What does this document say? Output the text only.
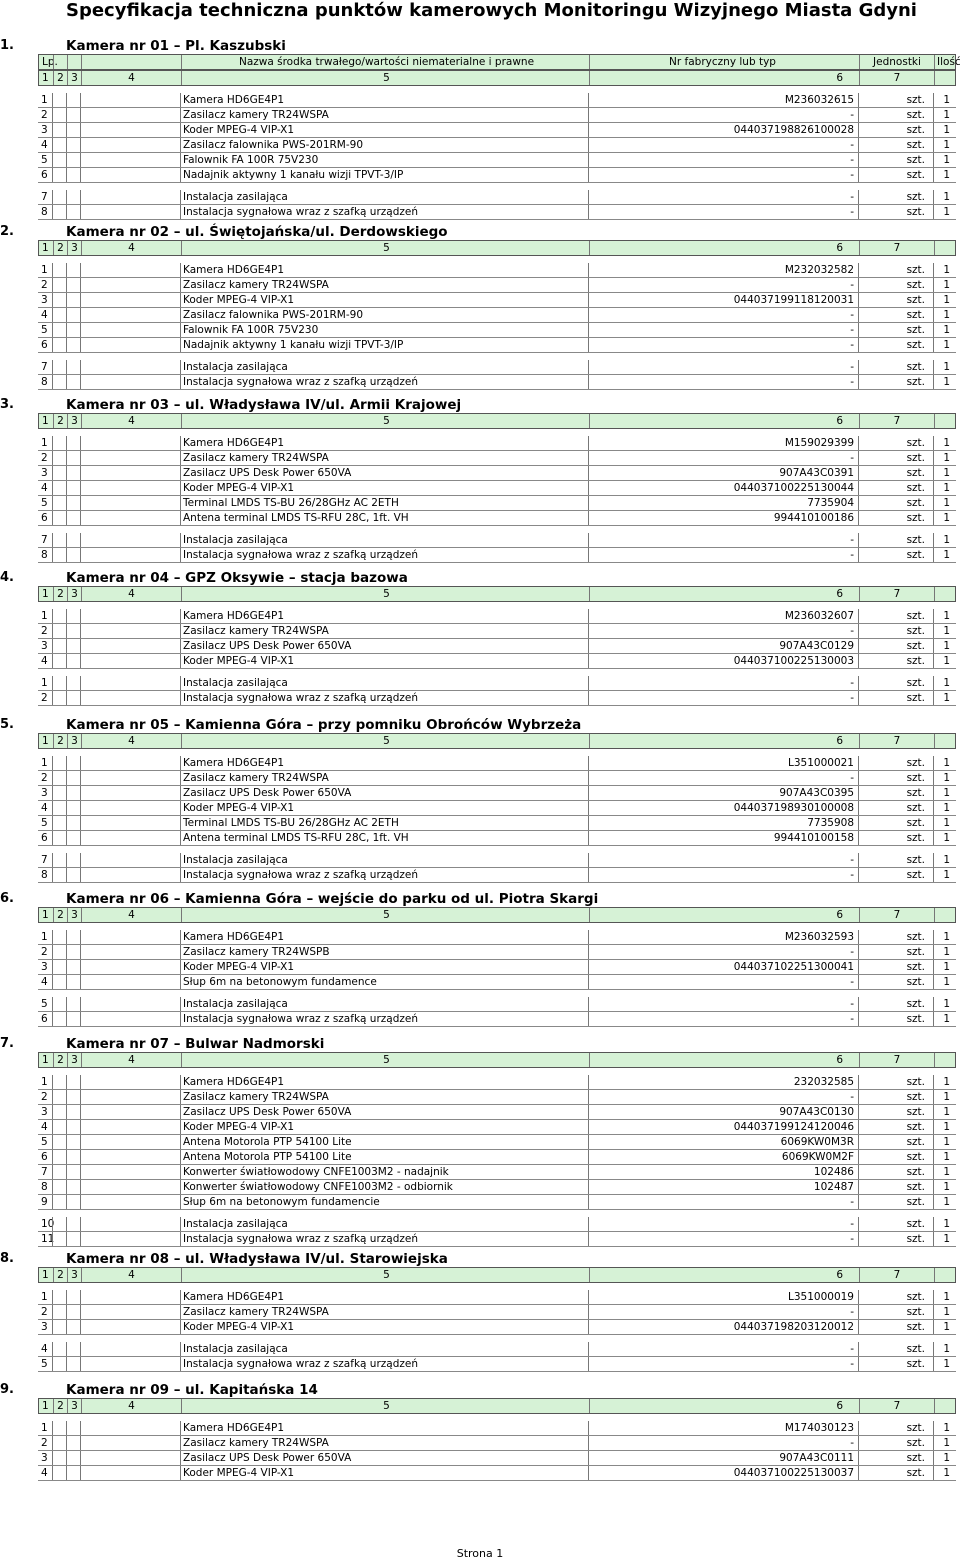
Specyfikacja techniczna punktów kamerowych Monitoringu Wizyjnego Miasta Gdyni
1.	Kamera nr 01 – Pl. Kaszubski
Lp.	Nazwa środka trwałego/wartości niematerialne i prawne	Nr fabryczny lub typ	Jednostki	Ilość
1 2 3	4	5	6	7
1	Kamera HD6GE4P1	M236032615	szt.	1
2	Zasilacz kamery TR24WSPA	-	szt.	1
3	Koder MPEG-4 VIP-X1	044037198826100028	szt.	1
4	Zasilacz falownika PWS-201RM-90	-	szt.	1
5	Falownik FA 100R 75V230	-	szt.	1
6	Nadajnik aktywny 1 kanału wizji TPVT-3/IP	-	szt.	1
7	Instalacja zasilająca	-	szt.	1
8	Instalacja sygnałowa wraz z szafką urządzeń	-	szt.	1
2.	Kamera nr 02 – ul. Świętojańska/ul. Derdowskiego
1 2 3	4	5	6	7
1	Kamera HD6GE4P1	M232032582	szt.	1
2	Zasilacz kamery TR24WSPA	-	szt.	1
3	Koder MPEG-4 VIP-X1	044037199118120031	szt.	1
4	Zasilacz falownika PWS-201RM-90	-	szt.	1
5	Falownik FA 100R 75V230	-	szt.	1
6	Nadajnik aktywny 1 kanału wizji TPVT-3/IP	-	szt.	1
7	Instalacja zasilająca	-	szt.	1
8	Instalacja sygnałowa wraz z szafką urządzeń	-	szt.	1
3.	Kamera nr 03 – ul. Władysława IV/ul. Armii Krajowej
1 2 3	4	5	6	7
1	Kamera HD6GE4P1	M159029399	szt.	1
2	Zasilacz kamery TR24WSPA	-	szt.	1
3	Zasilacz UPS Desk Power 650VA	907A43C0391	szt.	1
4	Koder MPEG-4 VIP-X1	044037100225130044	szt.	1
5	Terminal LMDS TS-BU 26/28GHz AC 2ETH	7735904	szt.	1
6	Antena terminal LMDS TS-RFU 28C, 1ft. VH	994410100186	szt.	1
7	Instalacja zasilająca	-	szt.	1
8	Instalacja sygnałowa wraz z szafką urządzeń	-	szt.	1
4.	Kamera nr 04 – GPZ Oksywie – stacja bazowa
1 2 3	4	5	6	7
1	Kamera HD6GE4P1	M236032607	szt.	1
2	Zasilacz kamery TR24WSPA	-	szt.	1
3	Zasilacz UPS Desk Power 650VA	907A43C0129	szt.	1
4	Koder MPEG-4 VIP-X1	044037100225130003	szt.	1
1	Instalacja zasilająca	-	szt.	1
2	Instalacja sygnałowa wraz z szafką urządzeń	-	szt.	1
5.	Kamera nr 05 – Kamienna Góra – przy pomniku Obrońców Wybrzeża
1 2 3	4	5	6	7
1	Kamera HD6GE4P1	L351000021	szt.	1
2	Zasilacz kamery TR24WSPA	-	szt.	1
3	Zasilacz UPS Desk Power 650VA	907A43C0395	szt.	1
4	Koder MPEG-4 VIP-X1	044037198930100008	szt.	1
5	Terminal LMDS TS-BU 26/28GHz AC 2ETH	7735908	szt.	1
6	Antena terminal LMDS TS-RFU 28C, 1ft. VH	994410100158	szt.	1
7	Instalacja zasilająca	-	szt.	1
8	Instalacja sygnałowa wraz z szafką urządzeń	-	szt.	1
6.	Kamera nr 06 – Kamienna Góra – wejście do parku od ul. Piotra Skargi
1 2 3	4	5	6	7
1	Kamera HD6GE4P1	M236032593	szt.	1
2	Zasilacz kamery TR24WSPB	-	szt.	1
3	Koder MPEG-4 VIP-X1	044037102251300041	szt.	1
4	Słup 6m na betonowym fundamence	-	szt.	1
5	Instalacja zasilająca	-	szt.	1
6	Instalacja sygnałowa wraz z szafką urządzeń	-	szt.	1
7.	Kamera nr 07 – Bulwar Nadmorski
1 2 3	4	5	6	7
1	Kamera HD6GE4P1	232032585	szt.	1
2	Zasilacz kamery TR24WSPA	-	szt.	1
3	Zasilacz UPS Desk Power 650VA	907A43C0130	szt.	1
4	Koder MPEG-4 VIP-X1	044037199124120046	szt.	1
5	Antena Motorola PTP 54100 Lite	6069KW0M3R	szt.	1
6	Antena Motorola PTP 54100 Lite	6069KW0M2F	szt.	1
7	Konwerter światłowodowy CNFE1003M2 - nadajnik	102486	szt.	1
8	Konwerter światłowodowy CNFE1003M2 - odbiornik	102487	szt.	1
9	Słup 6m na betonowym fundamencie	-	szt.	1
10	Instalacja zasilająca	-	szt.	1
11	Instalacja sygnałowa wraz z szafką urządzeń	-	szt.	1
8.	Kamera nr 08 – ul. Władysława IV/ul. Starowiejska
1 2 3	4	5	6	7
1	Kamera HD6GE4P1	L351000019	szt.	1
2	Zasilacz kamery TR24WSPA	-	szt.	1
3	Koder MPEG-4 VIP-X1	044037198203120012	szt.	1
4	Instalacja zasilająca	-	szt.	1
5	Instalacja sygnałowa wraz z szafką urządzeń	-	szt.	1
9.	Kamera nr 09 – ul. Kapitańska 14
1 2 3	4	5	6	7
1	Kamera HD6GE4P1	M174030123	szt.	1
2	Zasilacz kamery TR24WSPA	-	szt.	1
3	Zasilacz UPS Desk Power 650VA	907A43C0111	szt.	1
4	Koder MPEG-4 VIP-X1	044037100225130037	szt.	1
Strona 1
